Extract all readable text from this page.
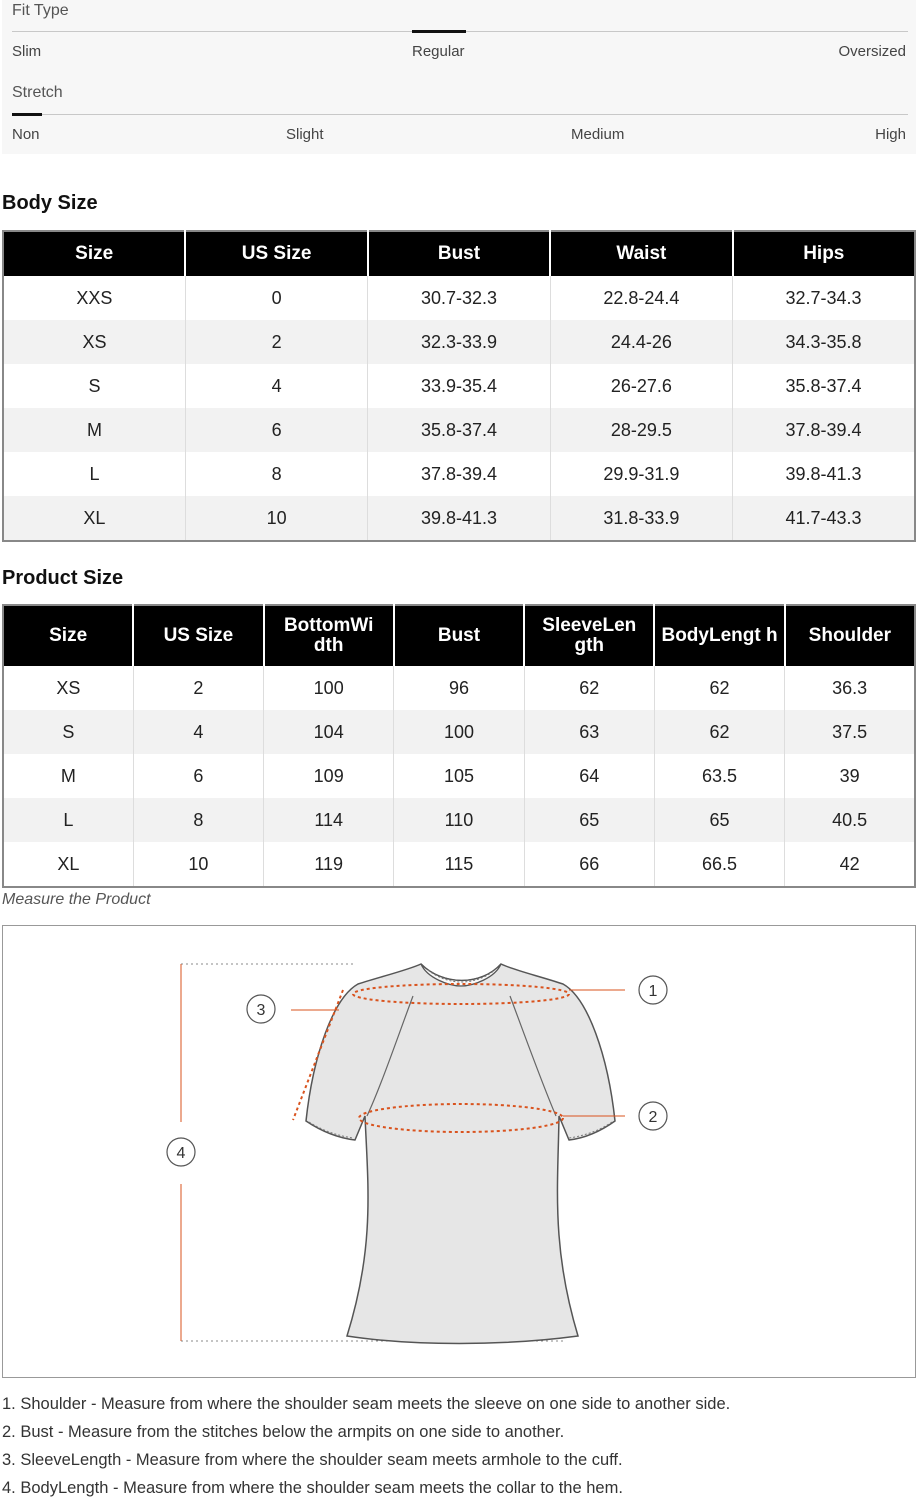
Fit Type
Slim	Regular	Oversized
Stretch
Non	Slight	Medium	High
Body Size
Size	US Size	Bust	Waist	Hips
XXS	0	30.7-32.3	22.8-24.4	32.7-34.3
XS	2	32.3-33.9	24.4-26	34.3-35.8
S	4	33.9-35.4	26-27.6	35.8-37.4
M	6	35.8-37.4	28-29.5	37.8-39.4
L	8	37.8-39.4	29.9-31.9	39.8-41.3
XL	10	39.8-41.3	31.8-33.9	41.7-43.3
Product Size
Size	US Size	BottomWi dth	Bust	SleeveLen gth	BodyLengt h	Shoulder
XS	2	100	96	62	62	36.3
S	4	104	100	63	62	37.5
M	6	109	105	64	63.5	39
L	8	114	110	65	65	40.5
XL	10	119	115	66	66.5	42
Measure the Product
1
2
3
4
1. Shoulder - Measure from where the shoulder seam meets the sleeve on one side to another side.
2. Bust - Measure from the stitches below the armpits on one side to another.
3. SleeveLength - Measure from where the shoulder seam meets armhole to the cuff.
4. BodyLength - Measure from where the shoulder seam meets the collar to the hem.
